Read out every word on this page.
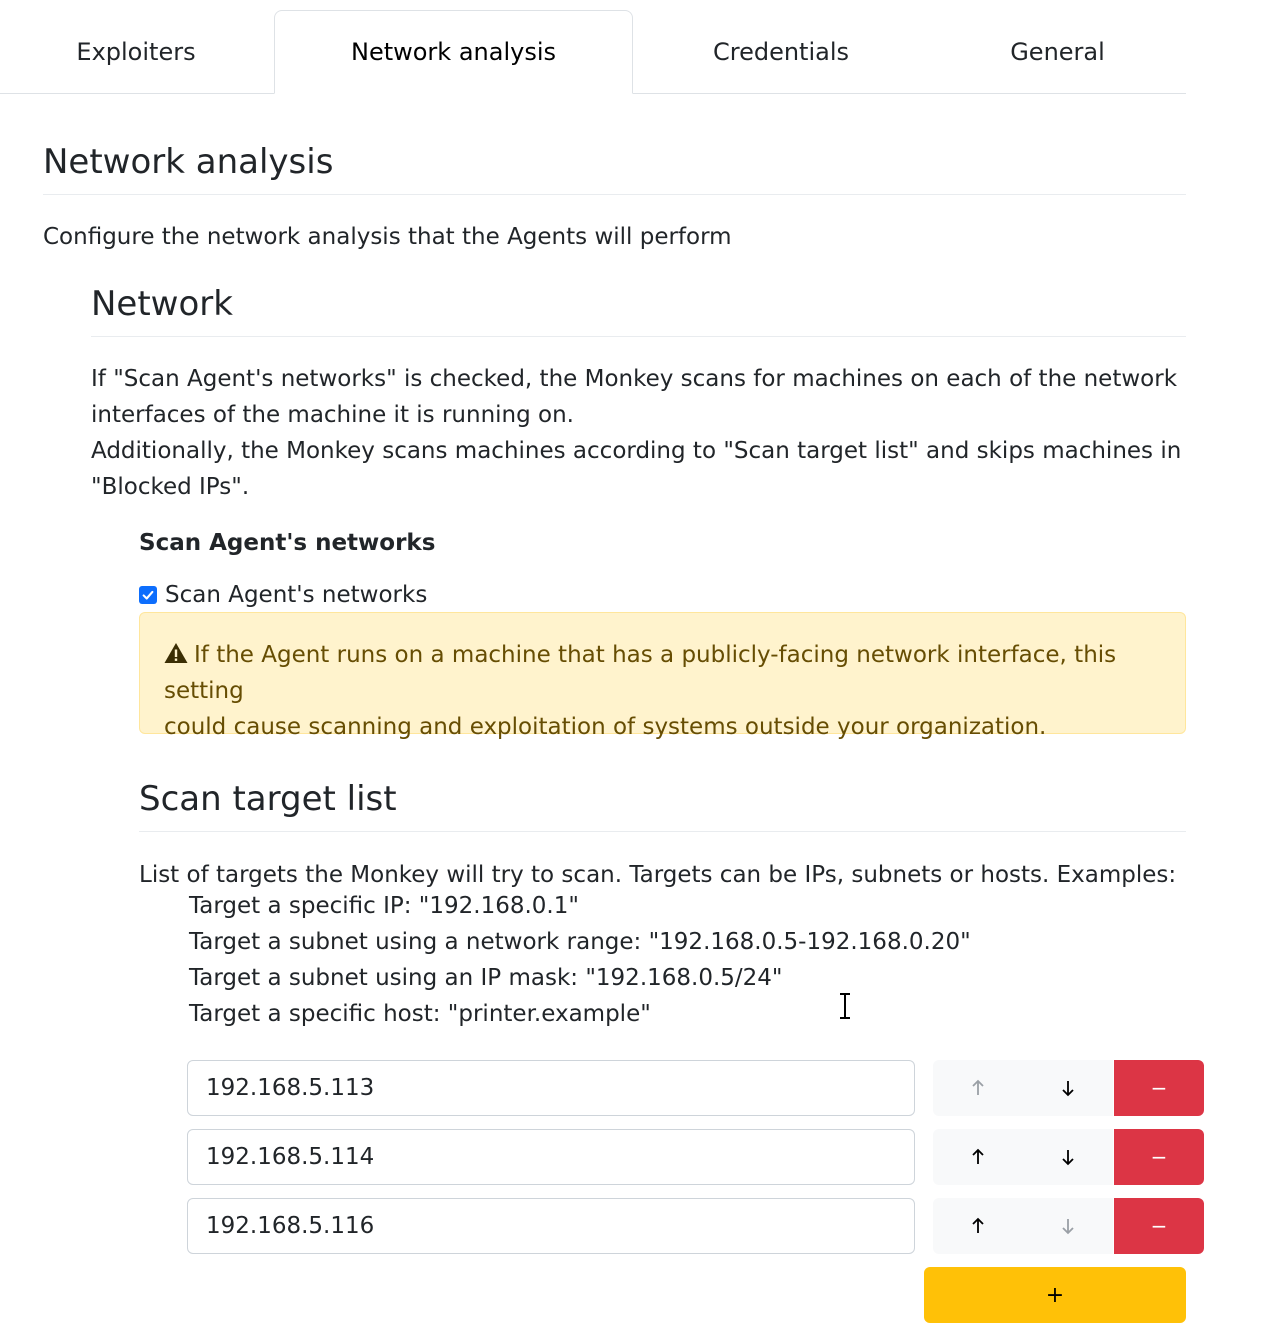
Exploiters	Network analysis	Credentials	General
Network analysis

Configure the network analysis that the Agents will perform

Network
If "Scan Agent's networks" is checked, the Monkey scans for machines on each of the network
interfaces of the machine it is running on.
Additionally, the Monkey scans machines according to "Scan target list" and skips machines in
"Blocked IPs".
Scan Agent's networks
Scan Agent's networks
If the Agent runs on a machine that has a publicly-facing network interface, this setting
could cause scanning and exploitation of systems outside your organization.
Scan target list

List of targets the Monkey will try to scan. Targets can be IPs, subnets or hosts. Examples:

Target a specific IP: "192.168.0.1"
Target a subnet using a network range: "192.168.0.5-192.168.0.20"
Target a subnet using an IP mask: "192.168.0.5/24"
Target a specific host: "printer.example"
192.168.5.113	−
192.168.5.114	−
192.168.5.116	−
+
